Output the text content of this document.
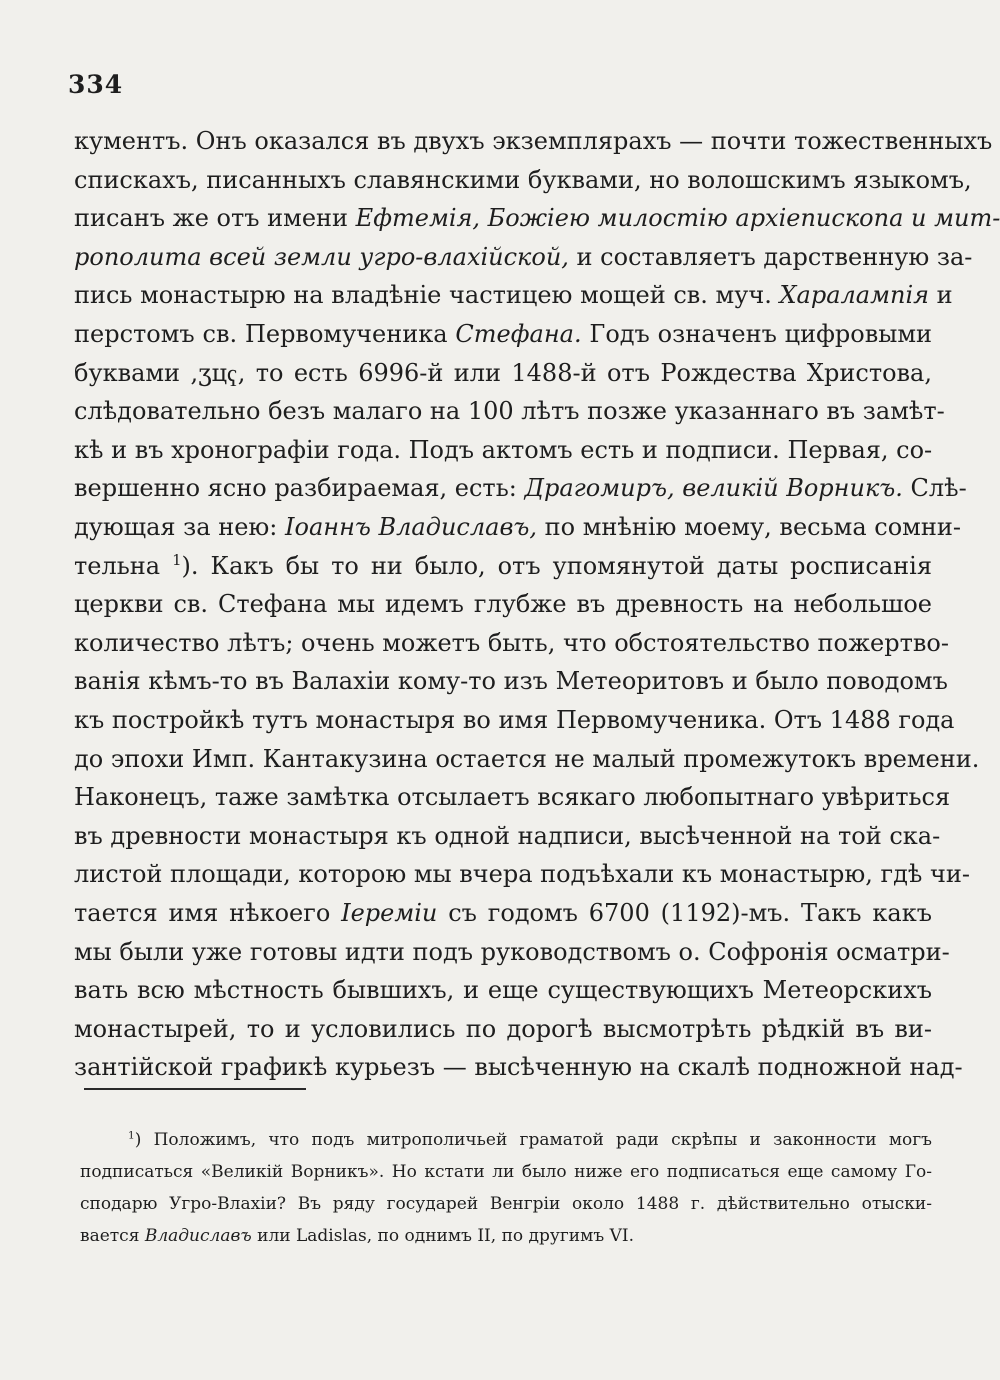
334
кументъ. Онъ оказался въ двухъ экземплярахъ — почти тожественныхъ
спискахъ, писанныхъ славянскими буквами, но волошскимъ языкомъ,
писанъ же отъ имени Ефтемія, Божіею милостію архіепископа и мит-
рополита всей земли угро-влахійской, и составляетъ дарственную за-
пись монастырю на владѣніе частицею мощей св. муч. Харалампія и
перстомъ св. Первомученика Стефана. Годъ означенъ цифровыми
буквами ,ӡцҁ, то есть 6996-й или 1488-й отъ Рождества Христова,
слѣдовательно безъ малаго на 100 лѣтъ позже указаннаго въ замѣт-
кѣ и въ хронографіи года. Подъ актомъ есть и подписи. Первая, со-
вершенно ясно разбираемая, есть: Драгомиръ, великій Ворникъ. Слѣ-
дующая за нею: Іоаннъ Владиславъ, по мнѣнію моему, весьма сомни-
тельна $^1$). Какъ бы то ни было, отъ упомянутой даты росписанія
церкви св. Стефана мы идемъ глубже въ древность на небольшое
количество лѣтъ; очень можетъ быть, что обстоятельство пожертво-
ванія кѣмъ-то въ Валахіи кому-то изъ Метеоритовъ и было поводомъ
къ постройкѣ тутъ монастыря во имя Первомученика. Отъ 1488 года
до эпохи Имп. Кантакузина остается не малый промежутокъ времени.
Наконецъ, таже замѣтка отсылаетъ всякаго любопытнаго увѣриться
въ древности монастыря къ одной надписи, высѣченной на той ска-
листой площади, которою мы вчера подъѣхали къ монастырю, гдѣ чи-
тается имя нѣкоего Іереміи съ годомъ 6700 (1192)-мъ. Такъ какъ
мы были уже готовы идти подъ руководствомъ о. Софронія осматри-
вать всю мѣстность бывшихъ, и еще существующихъ Метеорскихъ
монастырей, то и условились по дорогѣ высмотрѣть рѣдкій въ ви-
зантійской графикѣ курьезъ — высѣченную на скалѣ подножной над-
$^1$) Положимъ, что подъ митрополичьей граматой ради скрѣпы и законности могъ
подписаться «Великій Ворникъ». Но кстати ли было ниже его подписаться еще самому Го-
сподарю Угро-Влахіи? Въ ряду государей Венгріи около 1488 г. дѣйствительно отыски-
вается Владиславъ или Ladislas, по однимъ II, по другимъ VI.
